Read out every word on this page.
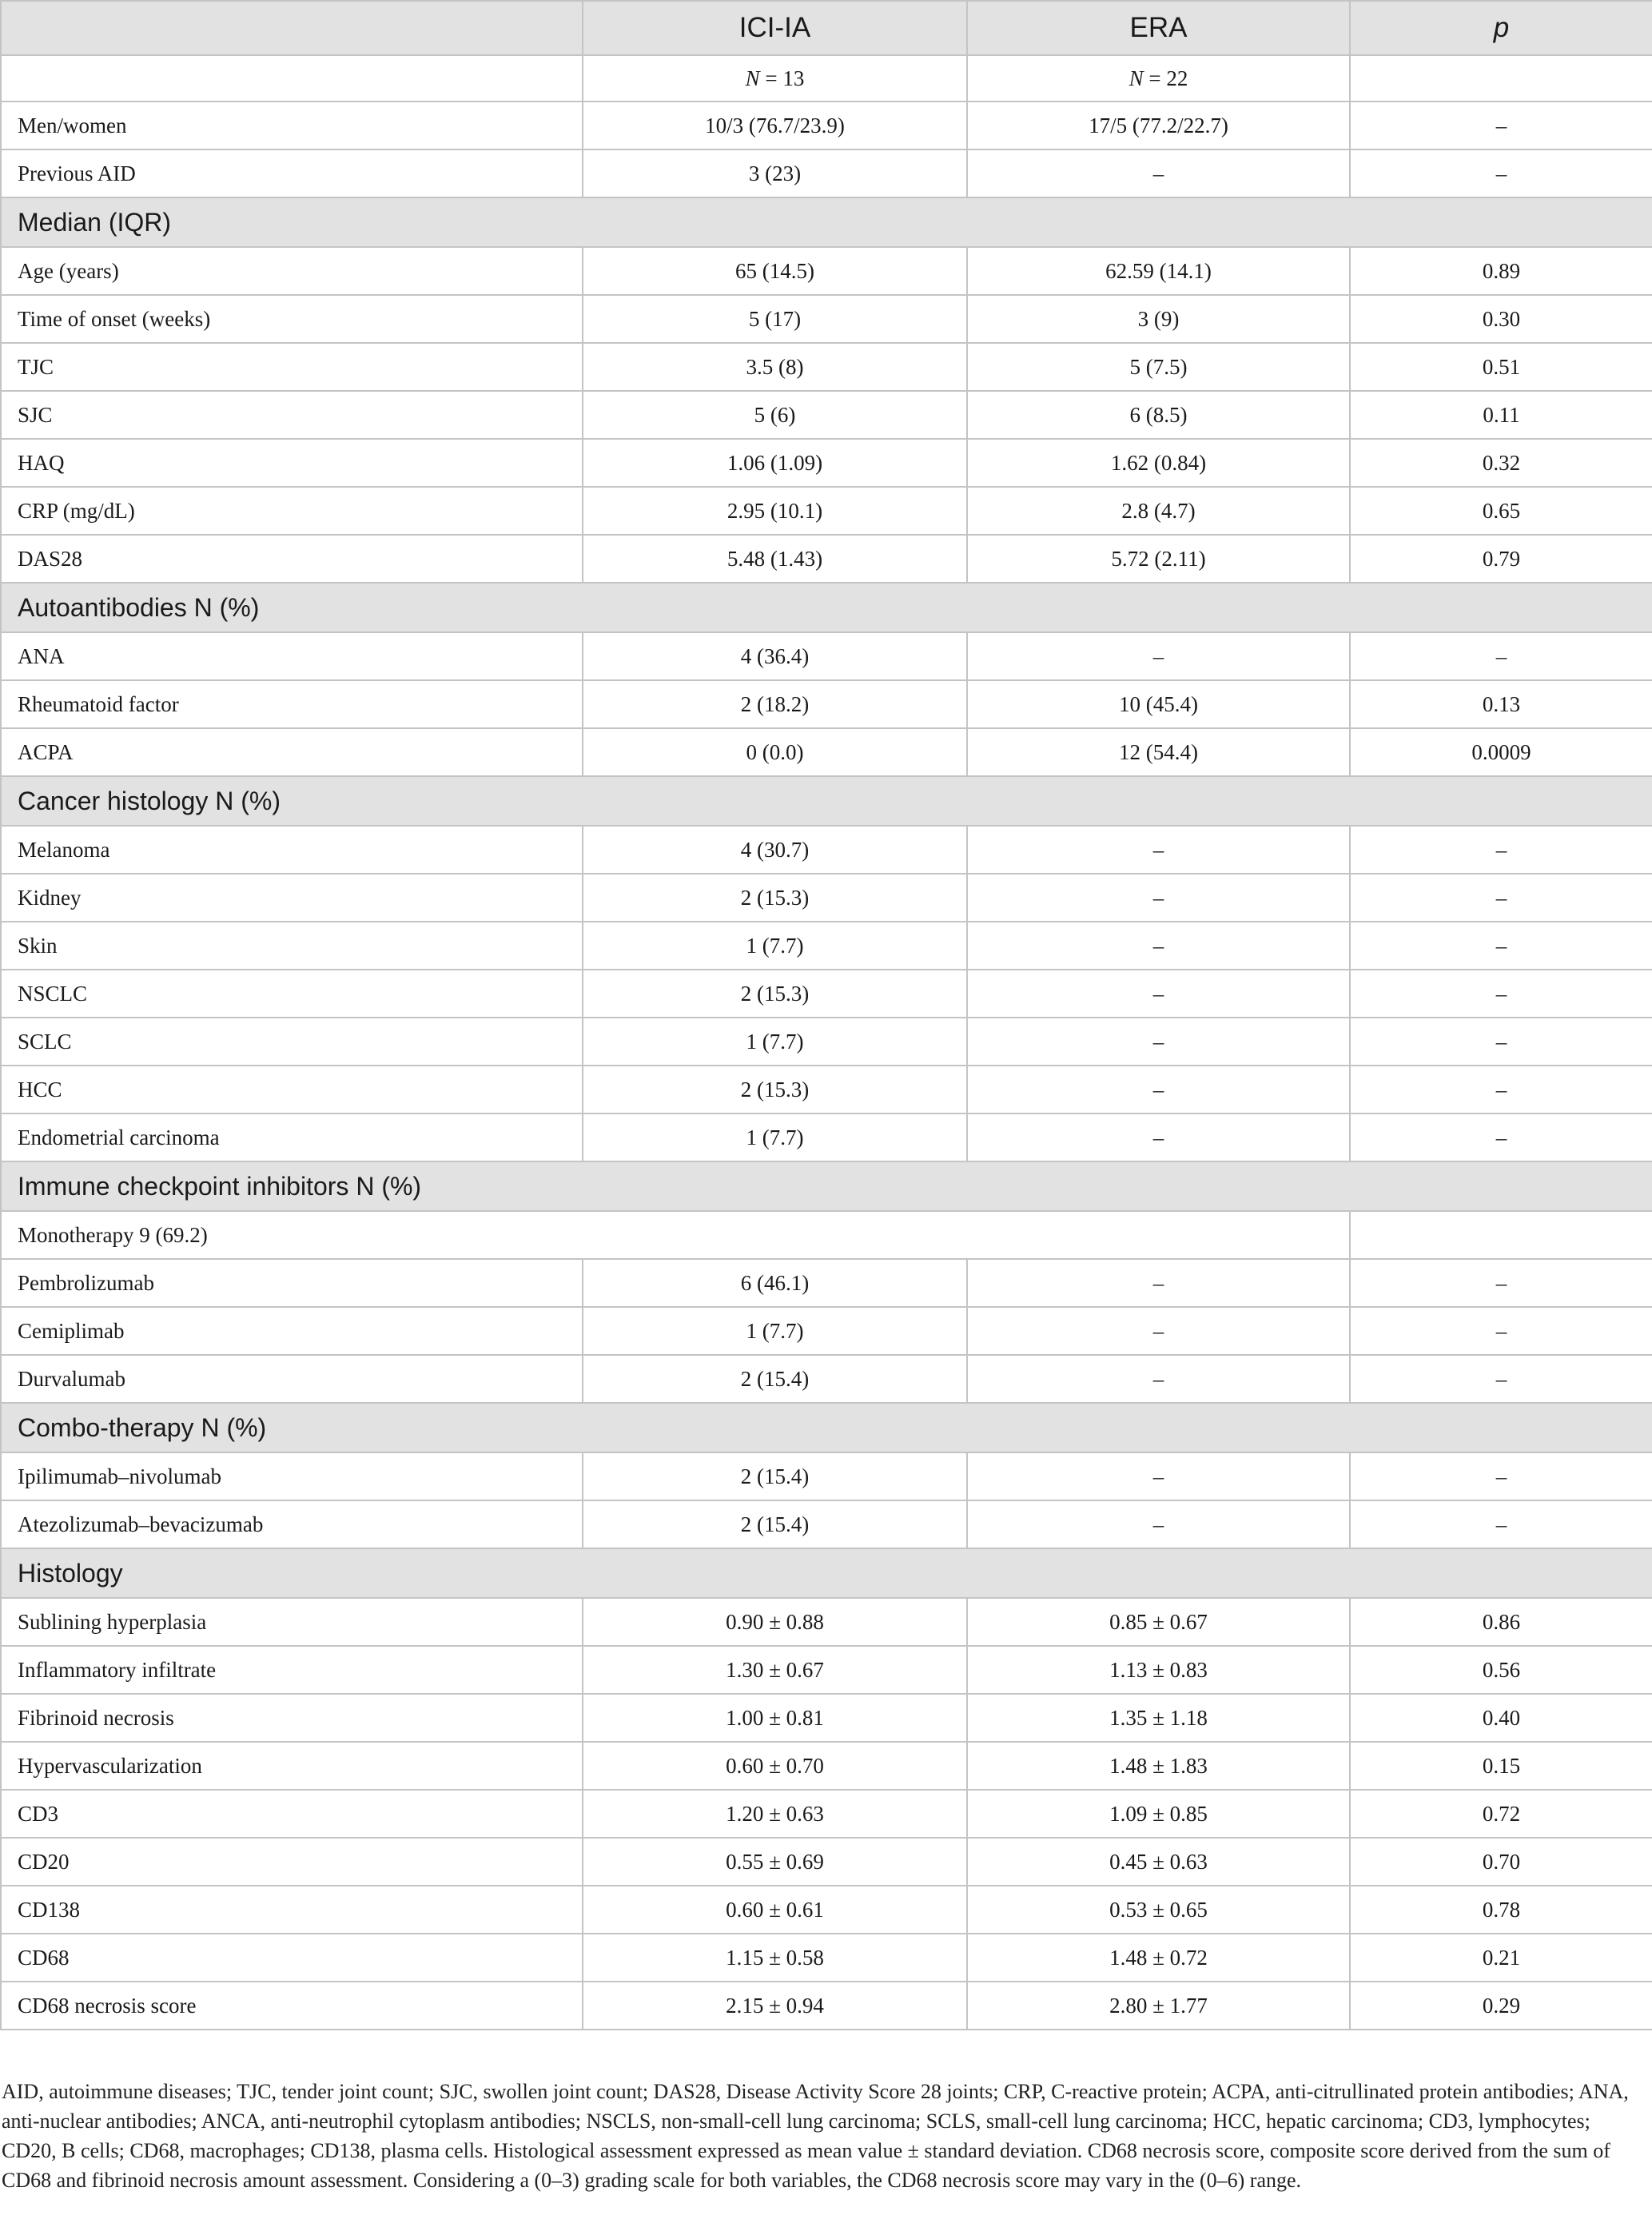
	ICI-IA	ERA	p
	N = 13	N = 22	
Men/women	10/3 (76.7/23.9)	17/5 (77.2/22.7)	–
Previous AID	3 (23)	–	–
Median (IQR)			
Age (years)	65 (14.5)	62.59 (14.1)	0.89
Time of onset (weeks)	5 (17)	3 (9)	0.30
TJC	3.5 (8)	5 (7.5)	0.51
SJC	5 (6)	6 (8.5)	0.11
HAQ	1.06 (1.09)	1.62 (0.84)	0.32
CRP (mg/dL)	2.95 (10.1)	2.8 (4.7)	0.65
DAS28	5.48 (1.43)	5.72 (2.11)	0.79
Autoantibodies N (%)			
ANA	4 (36.4)	–	–
Rheumatoid factor	2 (18.2)	10 (45.4)	0.13
ACPA	0 (0.0)	12 (54.4)	0.0009
Cancer histology N (%)			
Melanoma	4 (30.7)	–	–
Kidney	2 (15.3)	–	–
Skin	1 (7.7)	–	–
NSCLC	2 (15.3)	–	–
SCLC	1 (7.7)	–	–
HCC	2 (15.3)	–	–
Endometrial carcinoma	1 (7.7)	–	–
Immune checkpoint inhibitors N (%)			
Monotherapy 9 (69.2)			
Pembrolizumab	6 (46.1)	–	–
Cemiplimab	1 (7.7)	–	–
Durvalumab	2 (15.4)	–	–
Combo-therapy N (%)			
Ipilimumab–nivolumab	2 (15.4)	–	–
Atezolizumab–bevacizumab	2 (15.4)	–	–
Histology			
Sublining hyperplasia	0.90 ± 0.88	0.85 ± 0.67	0.86
Inflammatory infiltrate	1.30 ± 0.67	1.13 ± 0.83	0.56
Fibrinoid necrosis	1.00 ± 0.81	1.35 ± 1.18	0.40
Hypervascularization	0.60 ± 0.70	1.48 ± 1.83	0.15
CD3	1.20 ± 0.63	1.09 ± 0.85	0.72
CD20	0.55 ± 0.69	0.45 ± 0.63	0.70
CD138	0.60 ± 0.61	0.53 ± 0.65	0.78
CD68	1.15 ± 0.58	1.48 ± 0.72	0.21
CD68 necrosis score	2.15 ± 0.94	2.80 ± 1.77	0.29
AID, autoimmune diseases; TJC, tender joint count; SJC, swollen joint count; DAS28, Disease Activity Score 28 joints; CRP, C-reactive protein; ACPA, anti-citrullinated protein antibodies; ANA, anti-nuclear antibodies; ANCA, anti-neutrophil cytoplasm antibodies; NSCLS, non-small-cell lung carcinoma; SCLS, small-cell lung carcinoma; HCC, hepatic carcinoma; CD3, lymphocytes; CD20, B cells; CD68, macrophages; CD138, plasma cells. Histological assessment expressed as mean value ± standard deviation. CD68 necrosis score, composite score derived from the sum of CD68 and fibrinoid necrosis amount assessment. Considering a (0–3) grading scale for both variables, the CD68 necrosis score may vary in the (0–6) range.
